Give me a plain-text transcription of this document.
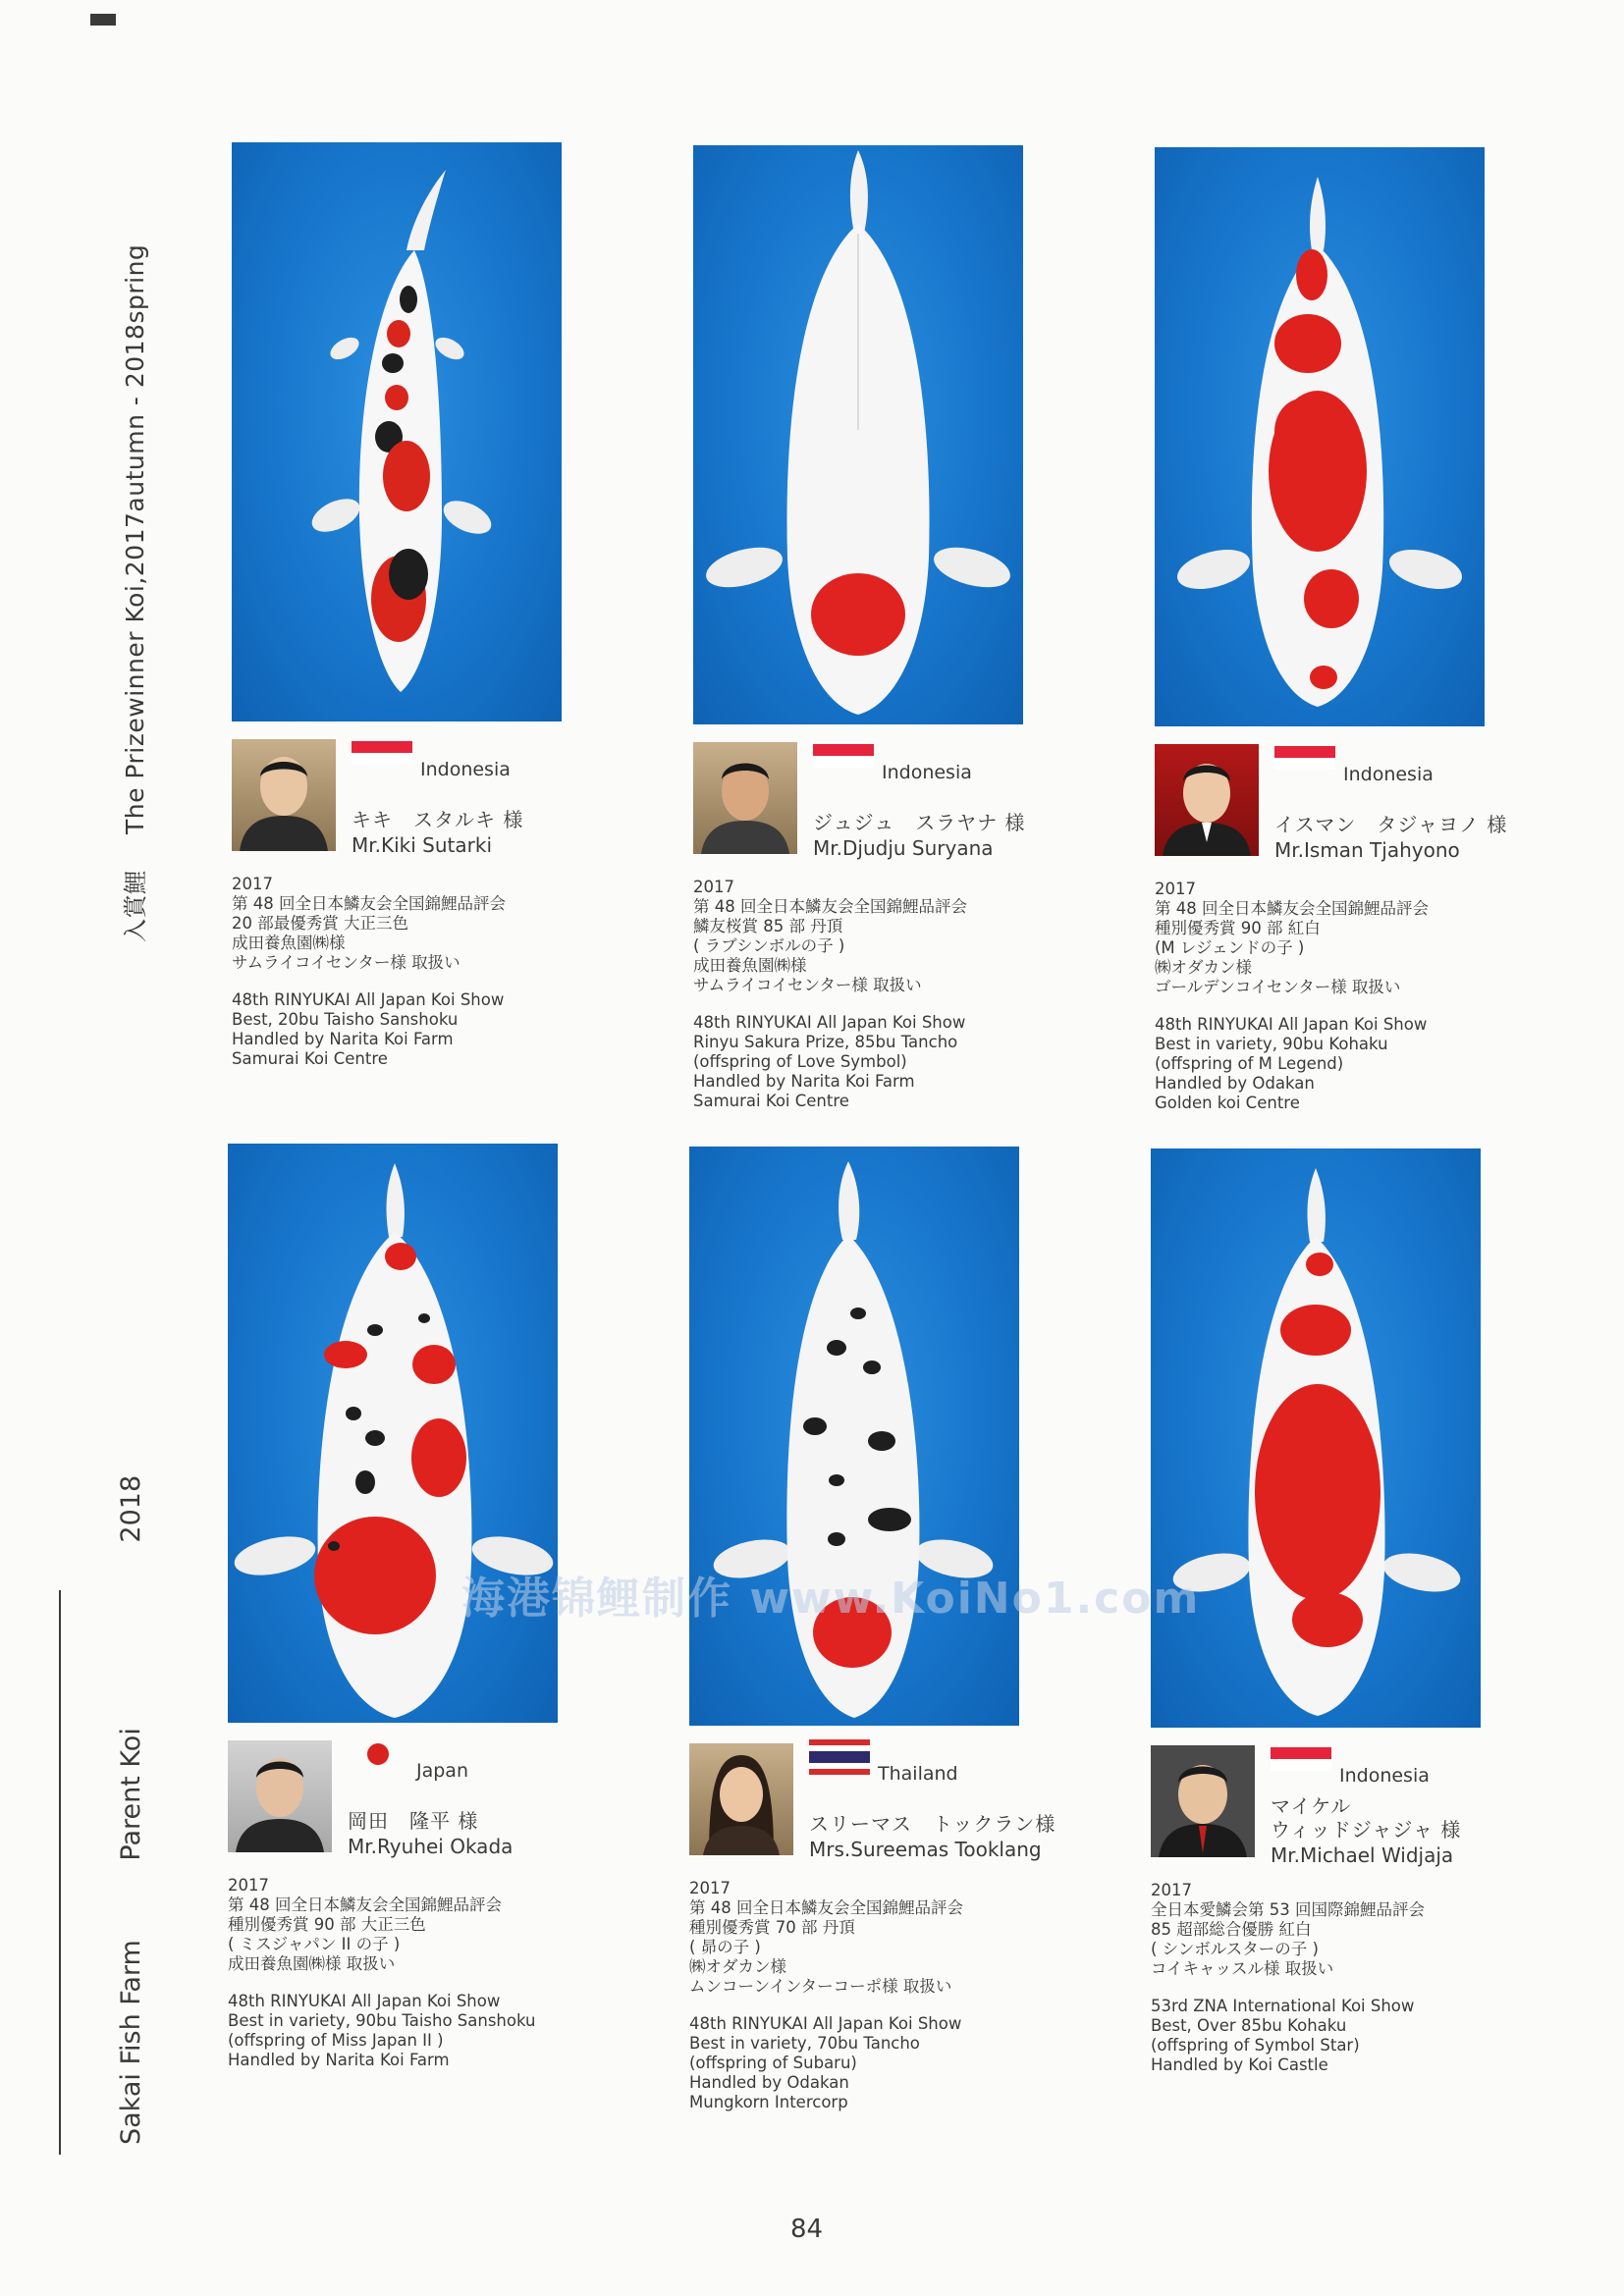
入賞鯉 The Prizewinner Koi,2017autumn - 2018spring
Sakai Fish Farm Parent Koi 2018
Indonesia
キキ　スタルキ 様
Mr.Kiki Sutarki
2017
第 48 回全日本鱗友会全国錦鯉品評会
20 部最優秀賞 大正三色
成田養魚園㈱様
サムライコイセンター様 取扱い
48th RINYUKAI All Japan Koi Show
Best, 20bu Taisho Sanshoku
Handled by Narita Koi Farm
Samurai Koi Centre
Indonesia
ジュジュ　スラヤナ 様
Mr.Djudju Suryana
2017
第 48 回全日本鱗友会全国錦鯉品評会
鱗友桜賞 85 部 丹頂
( ラブシンボルの子 )
成田養魚園㈱様
サムライコイセンター様 取扱い
48th RINYUKAI All Japan Koi Show
Rinyu Sakura Prize, 85bu Tancho
(offspring of Love Symbol)
Handled by Narita Koi Farm
Samurai Koi Centre
Indonesia
イスマン　タジャヨノ 様
Mr.Isman Tjahyono
2017
第 48 回全日本鱗友会全国錦鯉品評会
種別優秀賞 90 部 紅白
(M レジェンドの子 )
㈱オダカン様
ゴールデンコイセンター様 取扱い
48th RINYUKAI All Japan Koi Show
Best in variety, 90bu Kohaku
(offspring of M Legend)
Handled by Odakan
Golden koi Centre
Japan
岡田　隆平 様
Mr.Ryuhei Okada
2017
第 48 回全日本鱗友会全国錦鯉品評会
種別優秀賞 90 部 大正三色
( ミスジャパン II の子 )
成田養魚園㈱様 取扱い
48th RINYUKAI All Japan Koi Show
Best in variety, 90bu Taisho Sanshoku
(offspring of Miss Japan II )
Handled by Narita Koi Farm
Thailand
スリーマス　トックラン様
Mrs.Sureemas Tooklang
2017
第 48 回全日本鱗友会全国錦鯉品評会
種別優秀賞 70 部 丹頂
( 昴の子 )
㈱オダカン様
ムンコーンインターコーポ様 取扱い
48th RINYUKAI All Japan Koi Show
Best in variety, 70bu Tancho
(offspring of Subaru)
Handled by Odakan
Mungkorn Intercorp
Indonesia
マイケル
ウィッドジャジャ 様
Mr.Michael Widjaja
2017
全日本愛鱗会第 53 回国際錦鯉品評会
85 超部総合優勝 紅白
( シンボルスターの子 )
コイキャッスル様 取扱い
53rd ZNA International Koi Show
Best, Over 85bu Kohaku
(offspring of Symbol Star)
Handled by Koi Castle
海港锦鲤制作 www.KoiNo1.com
84
